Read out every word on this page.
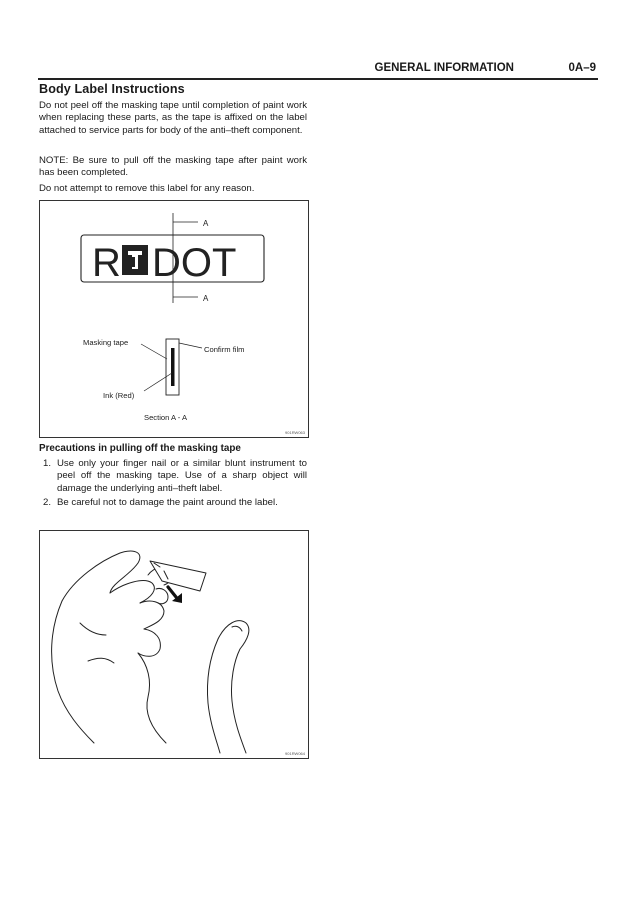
GENERAL INFORMATION	0A–9
Body Label Instructions
Do not peel off the masking tape until completion of paint work when replacing these parts, as the tape is affixed on the label attached to service parts for body of the anti–theft component.
NOTE: Be sure to pull off the masking tape after paint work has been completed.
Do not attempt to remove this label for any reason.
R DOT
A
A
Masking tape
Confirm film
Ink (Red)
Section A - A
901RW063
Precautions in pulling off the masking tape
1. Use only your finger nail or a similar blunt instrument to peel off the masking tape. Use of a sharp object will damage the underlying anti–theft label.
2. Be careful not to damage the paint around the label.
901RW064
